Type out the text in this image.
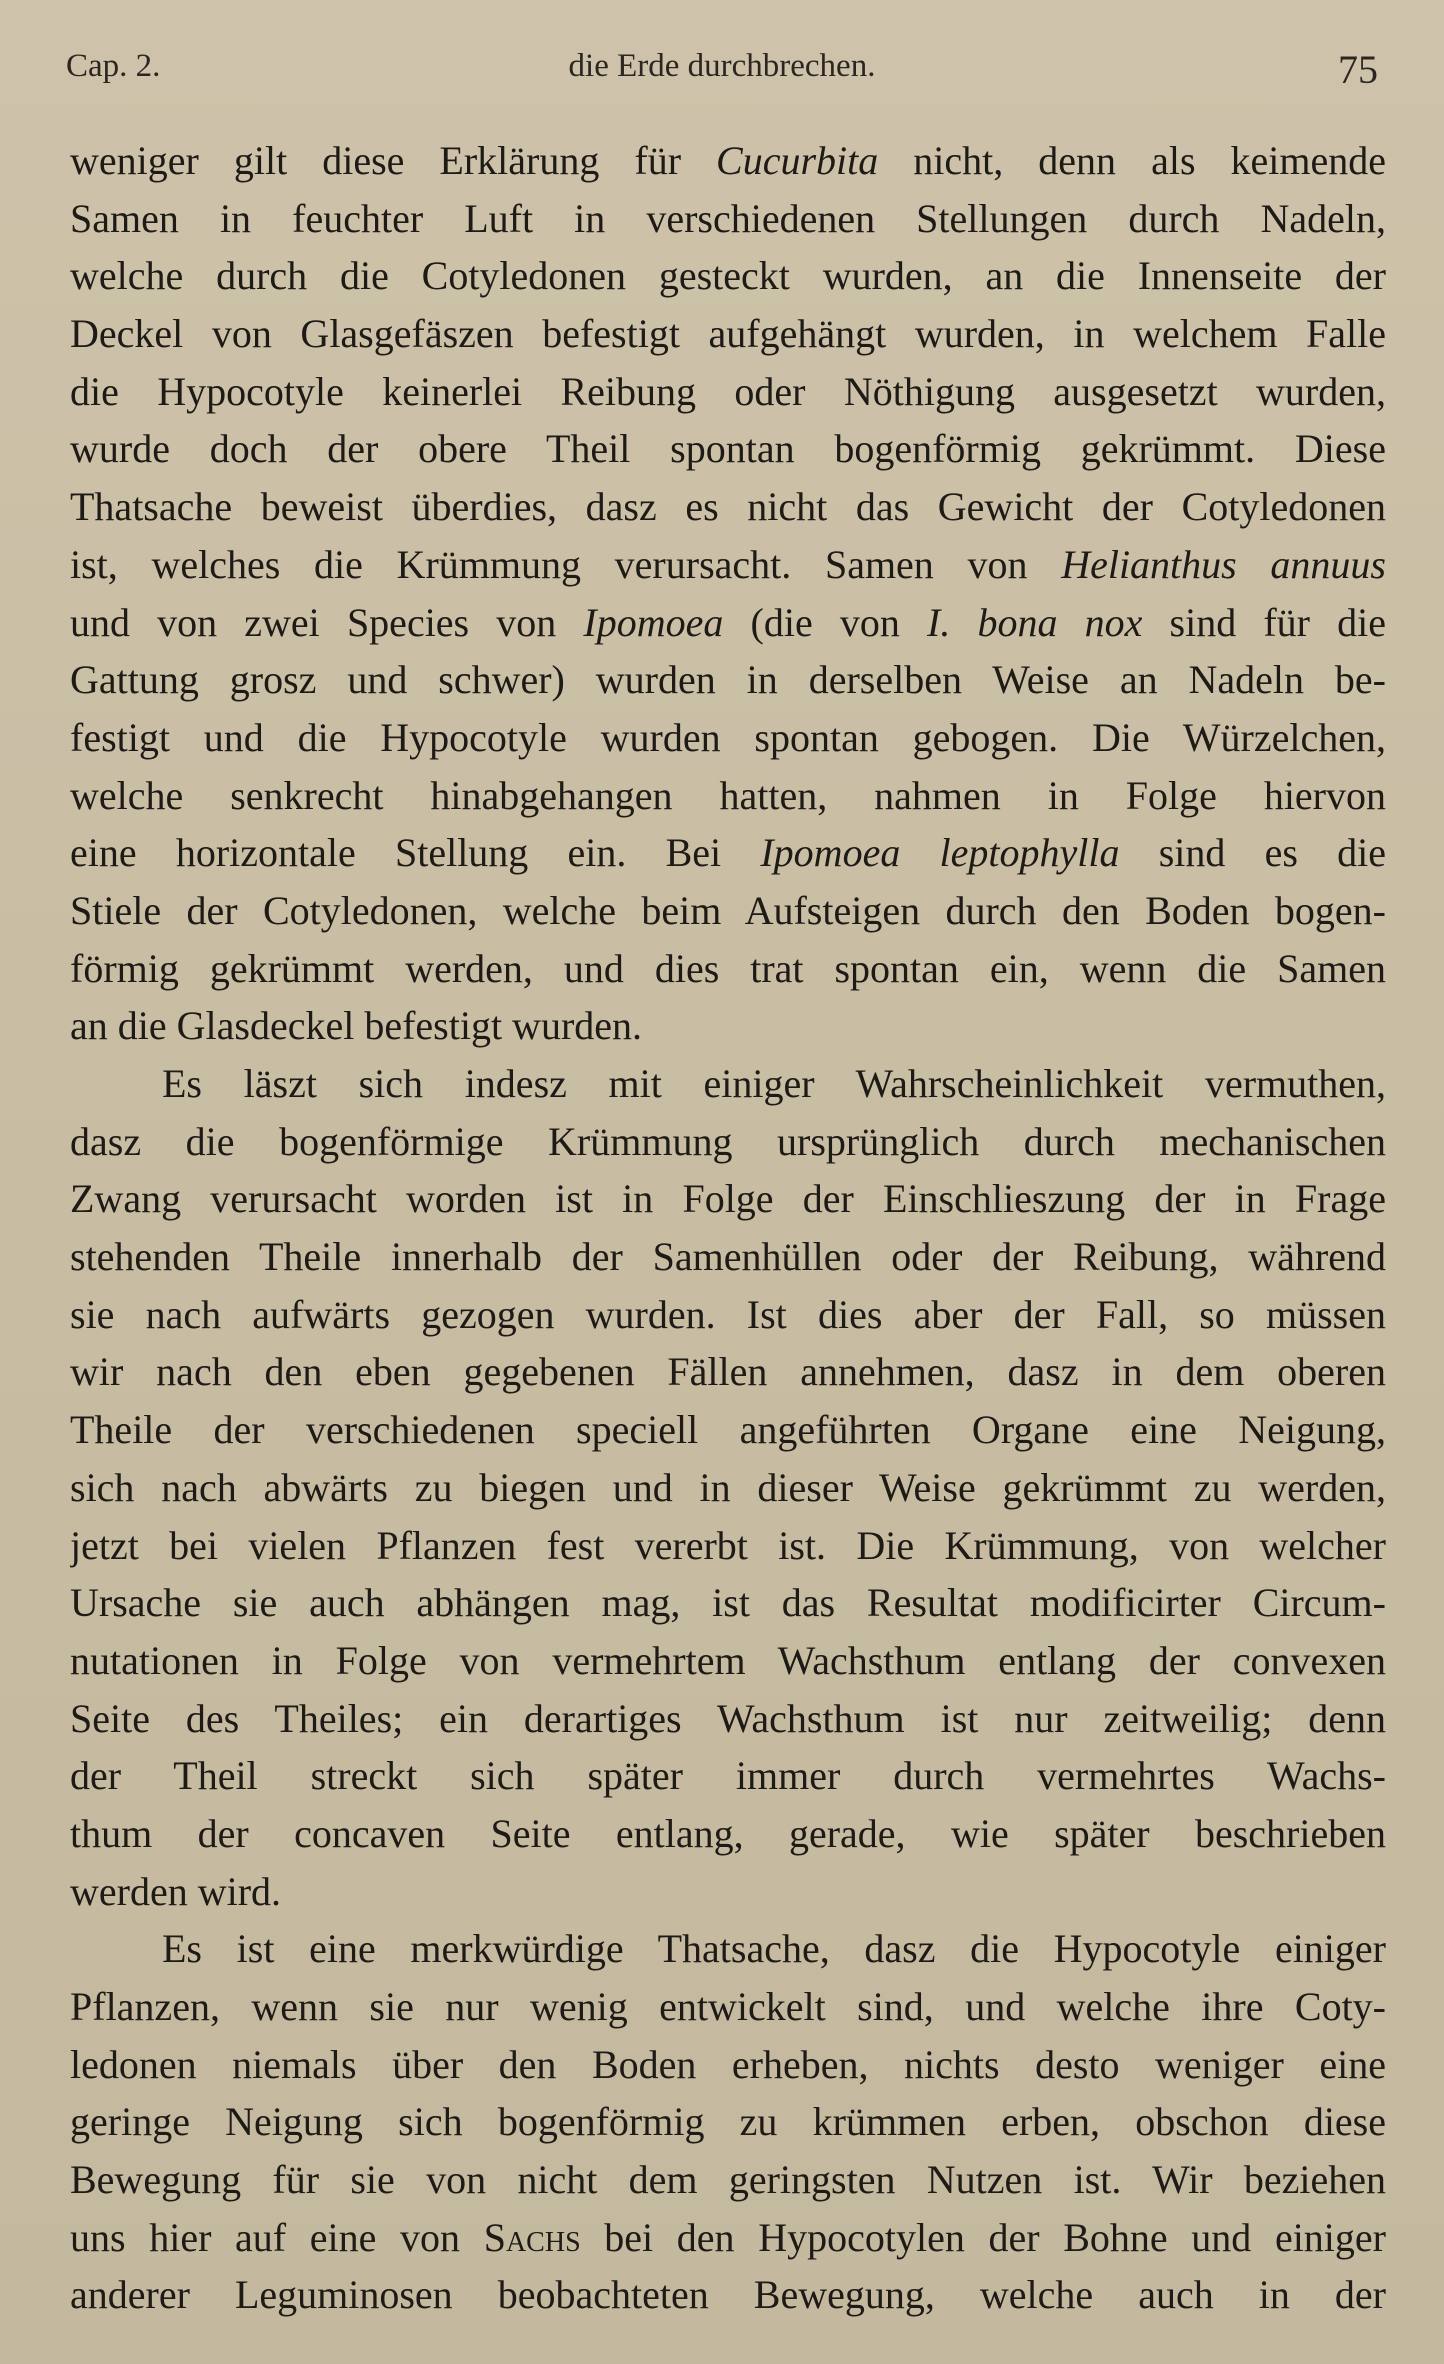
Cap. 2.	die Erde durchbrechen.	75
weniger gilt diese Erklärung für Cucurbita nicht, denn als keimende
Samen in feuchter Luft in verschiedenen Stellungen durch Nadeln,
welche durch die Cotyledonen gesteckt wurden, an die Innenseite der
Deckel von Glasgefäszen befestigt aufgehängt wurden, in welchem Falle
die Hypocotyle keinerlei Reibung oder Nöthigung ausgesetzt wurden,
wurde doch der obere Theil spontan bogenförmig gekrümmt. Diese
Thatsache beweist überdies, dasz es nicht das Gewicht der Cotyledonen
ist, welches die Krümmung verursacht. Samen von Helianthus annuus
und von zwei Species von Ipomoea (die von I. bona nox sind für die
Gattung grosz und schwer) wurden in derselben Weise an Nadeln be-
festigt und die Hypocotyle wurden spontan gebogen. Die Würzelchen,
welche senkrecht hinabgehangen hatten, nahmen in Folge hiervon
eine horizontale Stellung ein. Bei Ipomoea leptophylla sind es die
Stiele der Cotyledonen, welche beim Aufsteigen durch den Boden bogen-
förmig gekrümmt werden, und dies trat spontan ein, wenn die Samen
an die Glasdeckel befestigt wurden.
Es läszt sich indesz mit einiger Wahrscheinlichkeit vermuthen,
dasz die bogenförmige Krümmung ursprünglich durch mechanischen
Zwang verursacht worden ist in Folge der Einschlieszung der in Frage
stehenden Theile innerhalb der Samenhüllen oder der Reibung, während
sie nach aufwärts gezogen wurden. Ist dies aber der Fall, so müssen
wir nach den eben gegebenen Fällen annehmen, dasz in dem oberen
Theile der verschiedenen speciell angeführten Organe eine Neigung,
sich nach abwärts zu biegen und in dieser Weise gekrümmt zu werden,
jetzt bei vielen Pflanzen fest vererbt ist. Die Krümmung, von welcher
Ursache sie auch abhängen mag, ist das Resultat modificirter Circum-
nutationen in Folge von vermehrtem Wachsthum entlang der convexen
Seite des Theiles; ein derartiges Wachsthum ist nur zeitweilig; denn
der Theil streckt sich später immer durch vermehrtes Wachs-
thum der concaven Seite entlang, gerade, wie später beschrieben
werden wird.
Es ist eine merkwürdige Thatsache, dasz die Hypocotyle einiger
Pflanzen, wenn sie nur wenig entwickelt sind, und welche ihre Coty-
ledonen niemals über den Boden erheben, nichts desto weniger eine
geringe Neigung sich bogenförmig zu krümmen erben, obschon diese
Bewegung für sie von nicht dem geringsten Nutzen ist. Wir beziehen
uns hier auf eine von Sachs bei den Hypocotylen der Bohne und einiger
anderer Leguminosen beobachteten Bewegung, welche auch in der
